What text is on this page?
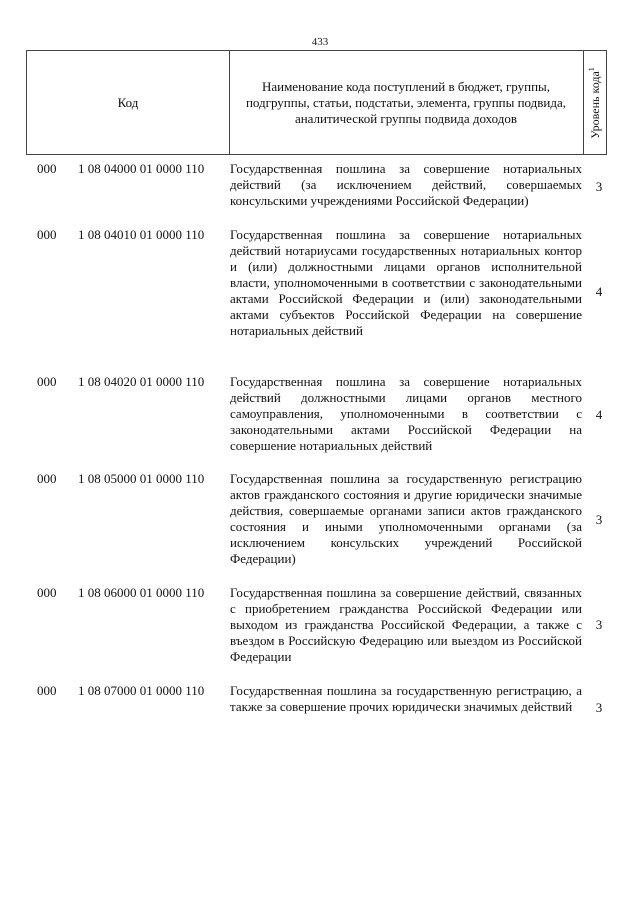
433
Код
Наименование кода поступлений в бюджет, группы, подгруппы, статьи, подстатьи, элемента, группы подвида, аналитической группы подвида доходов	Уровень кода$^1$
000 1 08 04000 01 0000 110 Государственная пошлина за совершение нотариальных действий (за исключением действий, совершаемых консульскими учреждениями Российской Федерации)
3
000 1 08 04010 01 0000 110 Государственная пошлина за совершение нотариальных действий нотариусами государственных нотариальных контор и (или) должностными лицами органов исполнительной власти, уполномоченными в соответствии с законодательными актами Российской Федерации и (или) законодательными актами субъектов Российской Федерации на совершение нотариальных действий
4
000 1 08 04020 01 0000 110 Государственная пошлина за совершение нотариальных действий должностными лицами органов местного самоуправления, уполномоченными в соответствии с законодательными актами Российской Федерации на совершение нотариальных действий
4
000 1 08 05000 01 0000 110 Государственная пошлина за государственную регистрацию актов гражданского состояния и другие юридически значимые действия, совершаемые органами записи актов гражданского состояния и иными уполномоченными органами (за исключением консульских учреждений Российской Федерации)
3
000 1 08 06000 01 0000 110 Государственная пошлина за совершение действий, связанных с приобретением гражданства Российской Федерации или выходом из гражданства Российской Федерации, а также с въездом в Российскую Федерацию или выездом из Российской Федерации
3
000 1 08 07000 01 0000 110 Государственная пошлина за государственную регистрацию, а также за совершение прочих юридически значимых действий	3
